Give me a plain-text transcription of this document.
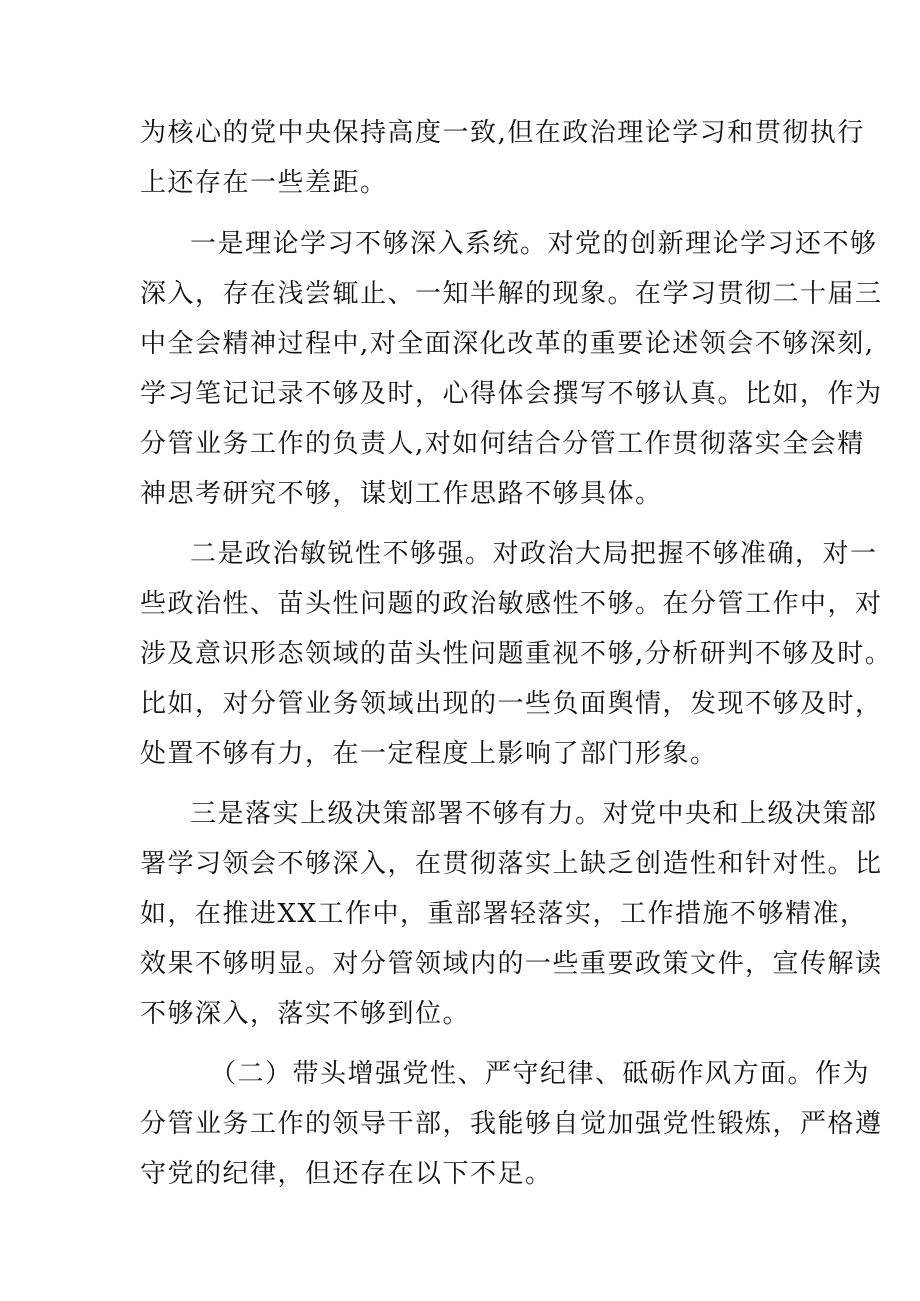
为核心的党中央保持高度一致,但在政治理论学习和贯彻执行
上还存在一些差距。
一是理论学习不够深入系统。对党的创新理论学习还不够
深入，存在浅尝辄止、一知半解的现象。在学习贯彻二十届三
中全会精神过程中,对全面深化改革的重要论述领会不够深刻,
学习笔记记录不够及时，心得体会撰写不够认真。比如，作为
分管业务工作的负责人,对如何结合分管工作贯彻落实全会精
神思考研究不够，谋划工作思路不够具体。
二是政治敏锐性不够强。对政治大局把握不够准确，对一
些政治性、苗头性问题的政治敏感性不够。在分管工作中，对
涉及意识形态领域的苗头性问题重视不够,分析研判不够及时。
比如，对分管业务领域出现的一些负面舆情，发现不够及时，
处置不够有力，在一定程度上影响了部门形象。
三是落实上级决策部署不够有力。对党中央和上级决策部
署学习领会不够深入，在贯彻落实上缺乏创造性和针对性。比
如，在推进XX工作中，重部署轻落实，工作措施不够精准，
效果不够明显。对分管领域内的一些重要政策文件，宣传解读
不够深入，落实不够到位。
（二）带头增强党性、严守纪律、砥砺作风方面。作为
分管业务工作的领导干部，我能够自觉加强党性锻炼，严格遵
守党的纪律，但还存在以下不足。
